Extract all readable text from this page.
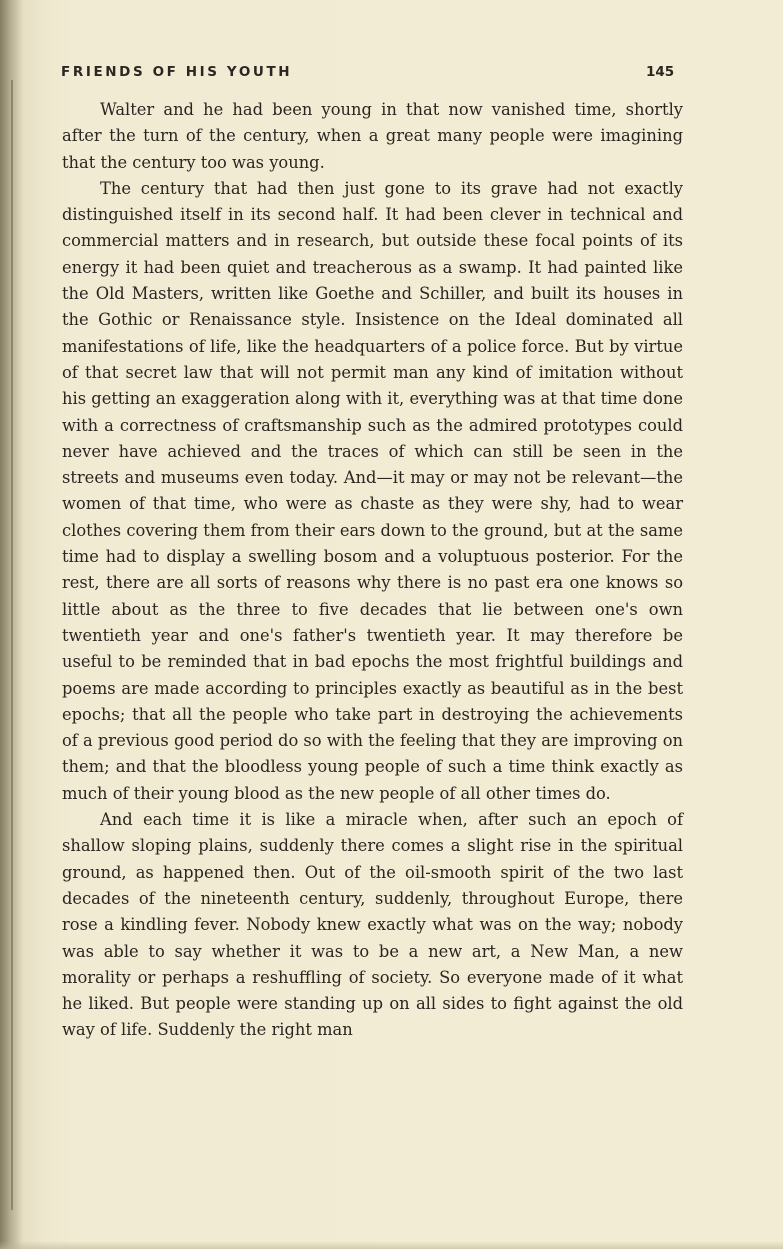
FRIENDS OF HIS YOUTH	145

Walter and he had been young in that now vanished time, shortly after the turn of the century, when a great many people were imagining that the century too was young.

The century that had then just gone to its grave had not exactly distinguished itself in its second half. It had been clever in technical and commercial matters and in research, but outside these focal points of its energy it had been quiet and treacherous as a swamp. It had painted like the Old Masters, written like Goethe and Schiller, and built its houses in the Gothic or Renaissance style. Insistence on the Ideal dominated all manifestations of life, like the headquarters of a police force. But by virtue of that secret law that will not permit man any kind of imitation without his getting an exaggeration along with it, everything was at that time done with a correctness of craftsmanship such as the admired prototypes could never have achieved and the traces of which can still be seen in the streets and museums even today. And—it may or may not be relevant—the women of that time, who were as chaste as they were shy, had to wear clothes covering them from their ears down to the ground, but at the same time had to display a swelling bosom and a voluptuous posterior. For the rest, there are all sorts of reasons why there is no past era one knows so little about as the three to five decades that lie between one's own twentieth year and one's father's twentieth year. It may therefore be useful to be reminded that in bad epochs the most frightful buildings and poems are made according to principles exactly as beautiful as in the best epochs; that all the people who take part in destroying the achievements of a previous good period do so with the feeling that they are improving on them; and that the bloodless young people of such a time think exactly as much of their young blood as the new people of all other times do.

And each time it is like a miracle when, after such an epoch of shallow sloping plains, suddenly there comes a slight rise in the spiritual ground, as happened then. Out of the oil-smooth spirit of the two last decades of the nineteenth century, suddenly, throughout Europe, there rose a kindling fever. Nobody knew exactly what was on the way; nobody was able to say whether it was to be a new art, a New Man, a new morality or perhaps a reshuffling of society. So everyone made of it what he liked. But people were standing up on all sides to fight against the old way of life. Suddenly the right man
